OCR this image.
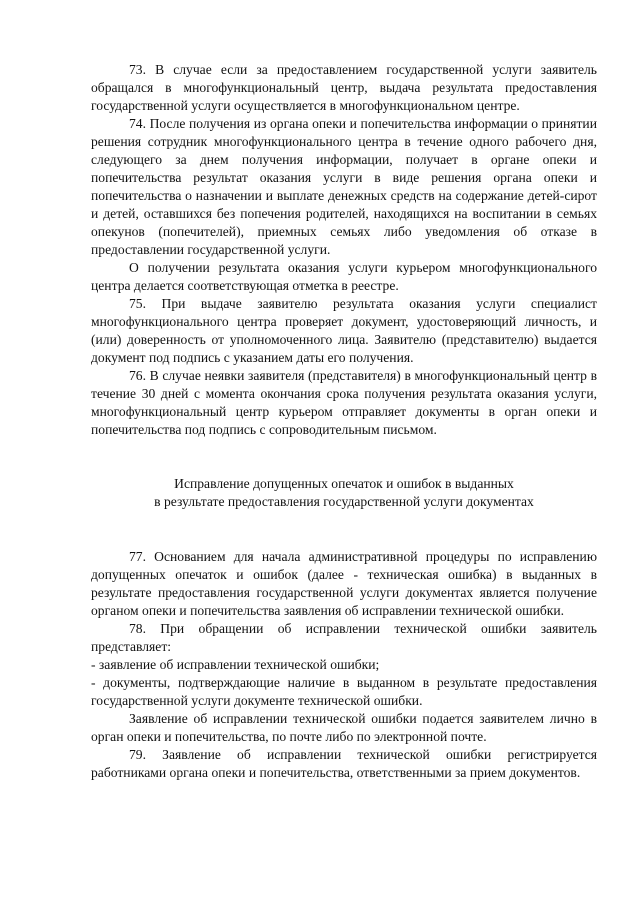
73. В случае если за предоставлением государственной услуги заявитель обращался в многофункциональный центр, выдача результата предоставления государственной услуги осуществляется в многофункциональном центре.

74. После получения из органа опеки и попечительства информации о принятии решения сотрудник многофункционального центра в течение одного рабочего дня, следующего за днем получения информации, получает в органе опеки и попечительства результат оказания услуги в виде решения органа опеки и попечительства о назначении и выплате денежных средств на содержание детей-сирот и детей, оставшихся без попечения родителей, находящихся на воспитании в семьях опекунов (попечителей), приемных семьях либо уведомления об отказе в предоставлении государственной услуги.

О получении результата оказания услуги курьером многофункционального центра делается соответствующая отметка в реестре.

75. При выдаче заявителю результата оказания услуги специалист многофункционального центра проверяет документ, удостоверяющий личность, и (или) доверенность от уполномоченного лица. Заявителю (представителю) выдается документ под подпись с указанием даты его получения.

76. В случае неявки заявителя (представителя) в многофункциональный центр в течение 30 дней с момента окончания срока получения результата оказания услуги, многофункциональный центр курьером отправляет документы в орган опеки и попечительства под подпись с сопроводительным письмом.

Исправление допущенных опечаток и ошибок в выданных
в результате предоставления государственной услуги документах

77. Основанием для начала административной процедуры по исправлению допущенных опечаток и ошибок (далее - техническая ошибка) в выданных в результате предоставления государственной услуги документах является получение органом опеки и попечительства заявления об исправлении технической ошибки.

78. При обращении об исправлении технической ошибки заявитель представляет:

- заявление об исправлении технической ошибки;

- документы, подтверждающие наличие в выданном в результате предоставления государственной услуги документе технической ошибки.

Заявление об исправлении технической ошибки подается заявителем лично в орган опеки и попечительства, по почте либо по электронной почте.

79. Заявление об исправлении технической ошибки регистрируется работниками органа опеки и попечительства, ответственными за прием документов.
